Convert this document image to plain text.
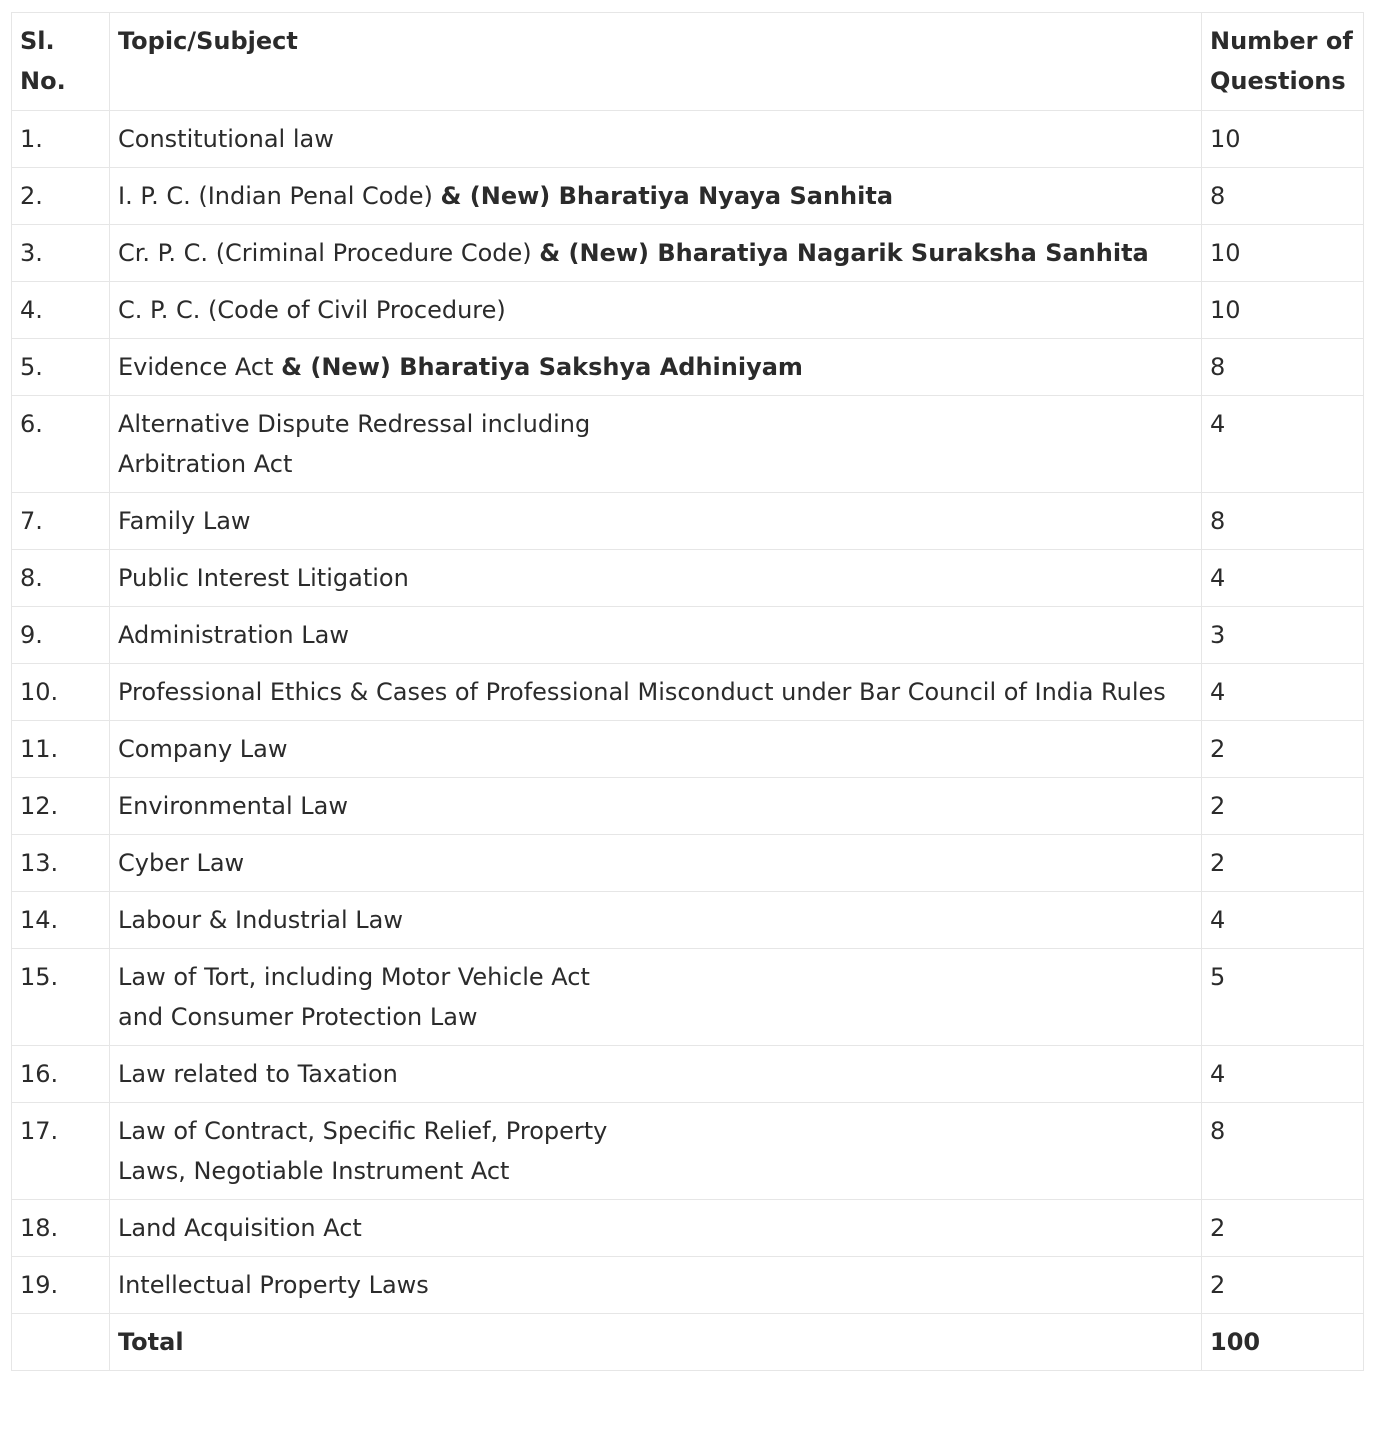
Sl. No.	Topic/Subject	Number of Questions
1.	Constitutional law	10
2.	I. P. C. (Indian Penal Code) & (New) Bharatiya Nyaya Sanhita	8
3.	Cr. P. C. (Criminal Procedure Code) & (New) Bharatiya Nagarik Suraksha Sanhita	10
4.	C. P. C. (Code of Civil Procedure)	10
5.	Evidence Act & (New) Bharatiya Sakshya Adhiniyam	8
6.	Alternative Dispute Redressal including
Arbitration Act	4
7.	Family Law	8
8.	Public Interest Litigation	4
9.	Administration Law	3
10.	Professional Ethics & Cases of Professional Misconduct under Bar Council of India Rules	4
11.	Company Law	2
12.	Environmental Law	2
13.	Cyber Law	2
14.	Labour & Industrial Law	4
15.	Law of Tort, including Motor Vehicle Act
and Consumer Protection Law	5
16.	Law related to Taxation	4
17.	Law of Contract, Specific Relief, Property
Laws, Negotiable Instrument Act	8
18.	Land Acquisition Act	2
19.	Intellectual Property Laws	2
	Total	100
